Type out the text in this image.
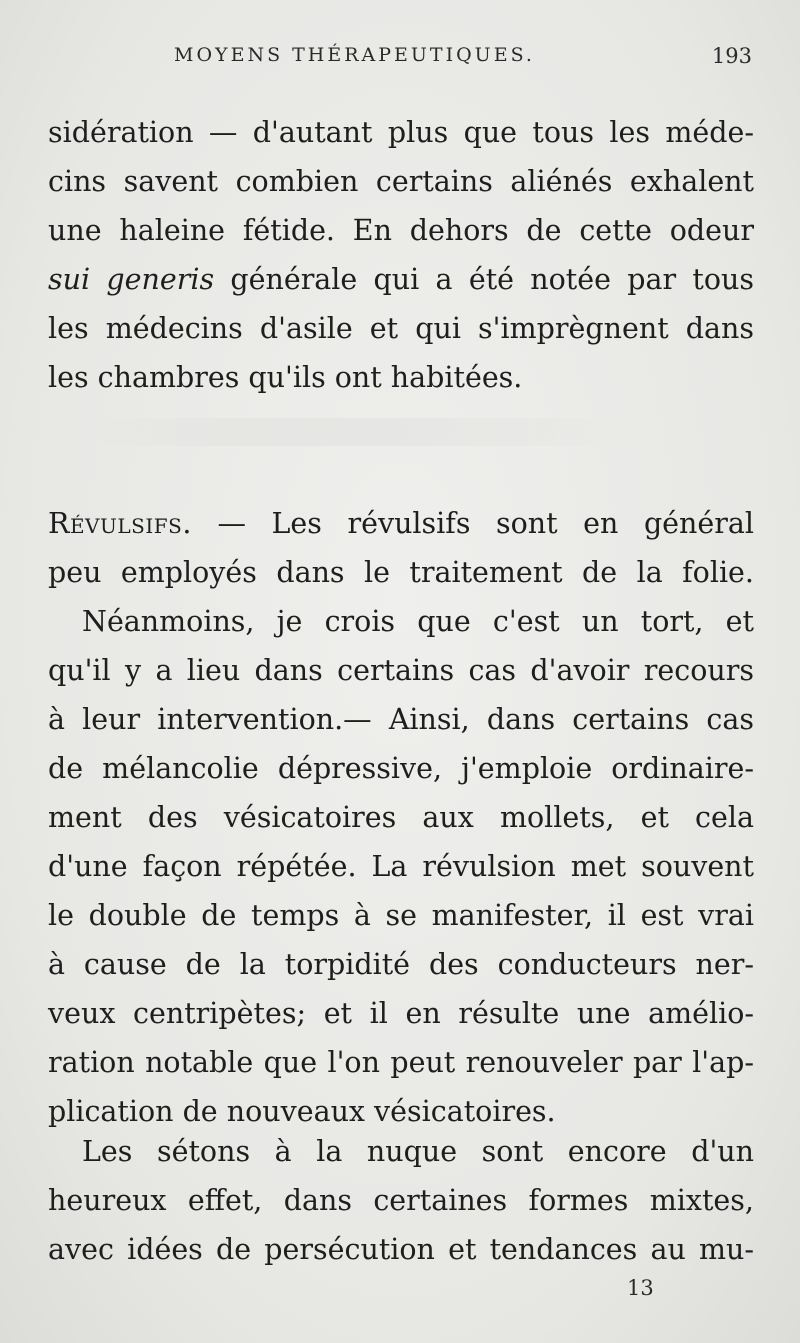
MOYENS THÉRAPEUTIQUES.	193
sidération — d'autant plus que tous les méde-
cins savent combien certains aliénés exhalent
une haleine fétide. En dehors de cette odeur
sui generis générale qui a été notée par tous
les médecins d'asile et qui s'imprègnent dans
les chambres qu'ils ont habitées.
Révulsifs. — Les révulsifs sont en général
peu employés dans le traitement de la folie.
Néanmoins, je crois que c'est un tort, et
qu'il y a lieu dans certains cas d'avoir recours
à leur intervention.— Ainsi, dans certains cas
de mélancolie dépressive, j'emploie ordinaire-
ment des vésicatoires aux mollets, et cela
d'une façon répétée. La révulsion met souvent
le double de temps à se manifester, il est vrai
à cause de la torpidité des conducteurs ner-
veux centripètes; et il en résulte une amélio-
ration notable que l'on peut renouveler par l'ap-
plication de nouveaux vésicatoires.
Les sétons à la nuque sont encore d'un
heureux effet, dans certaines formes mixtes,
avec idées de persécution et tendances au mu-
13
